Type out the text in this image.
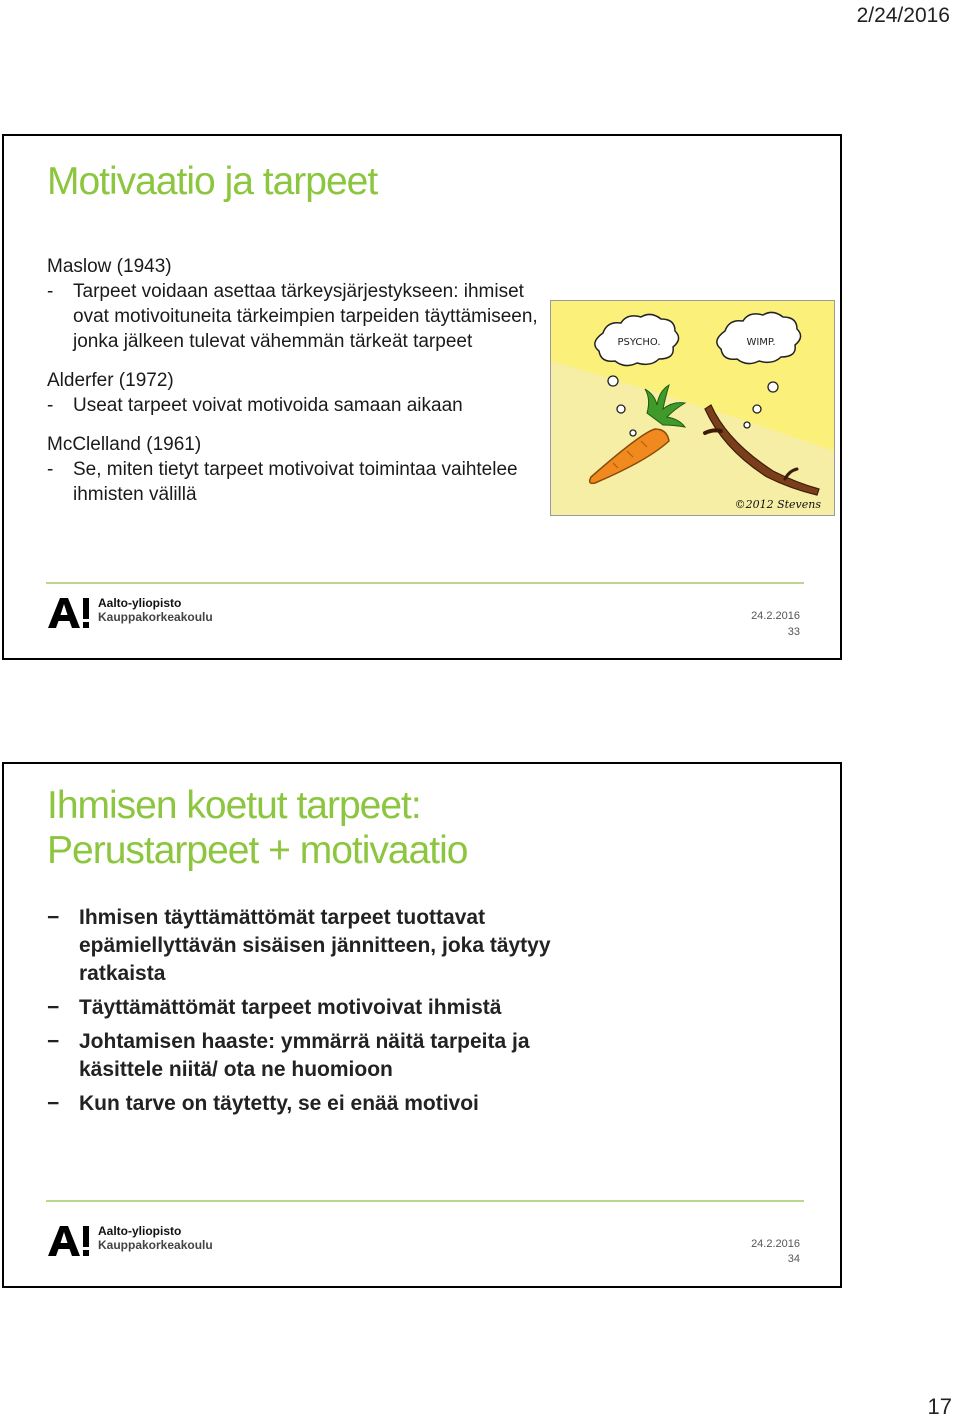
2/24/2016
Motivaatio ja tarpeet

Maslow (1943)

-	Tarpeet voidaan asettaa tärkeysjärjestykseen: ihmiset ovat motivoituneita tärkeimpien tarpeiden täyttämiseen, jonka jälkeen tulevat vähemmän tärkeät tarpeet

Alderfer (1972)

-	Useat tarpeet voivat motivoida samaan aikaan

McClelland (1961)

-	Se, miten tietyt tarpeet motivoivat toimintaa vaihtelee ihmisten välillä
PSYCHO.	WIMP.
©2012 Stevens
Aalto-yliopisto
Kauppakorkeakoulu	24.2.2016
33
Ihmisen koetut tarpeet:
Perustarpeet + motivaatio
− Ihmisen täyttämättömät tarpeet tuottavat epämiellyttävän sisäisen jännitteen, joka täytyy ratkaista
− Täyttämättömät tarpeet motivoivat ihmistä
− Johtamisen haaste: ymmärrä näitä tarpeita ja käsittele niitä/ ota ne huomioon
− Kun tarve on täytetty, se ei enää motivoi
Aalto-yliopisto
Kauppakorkeakoulu	24.2.2016
34
17
